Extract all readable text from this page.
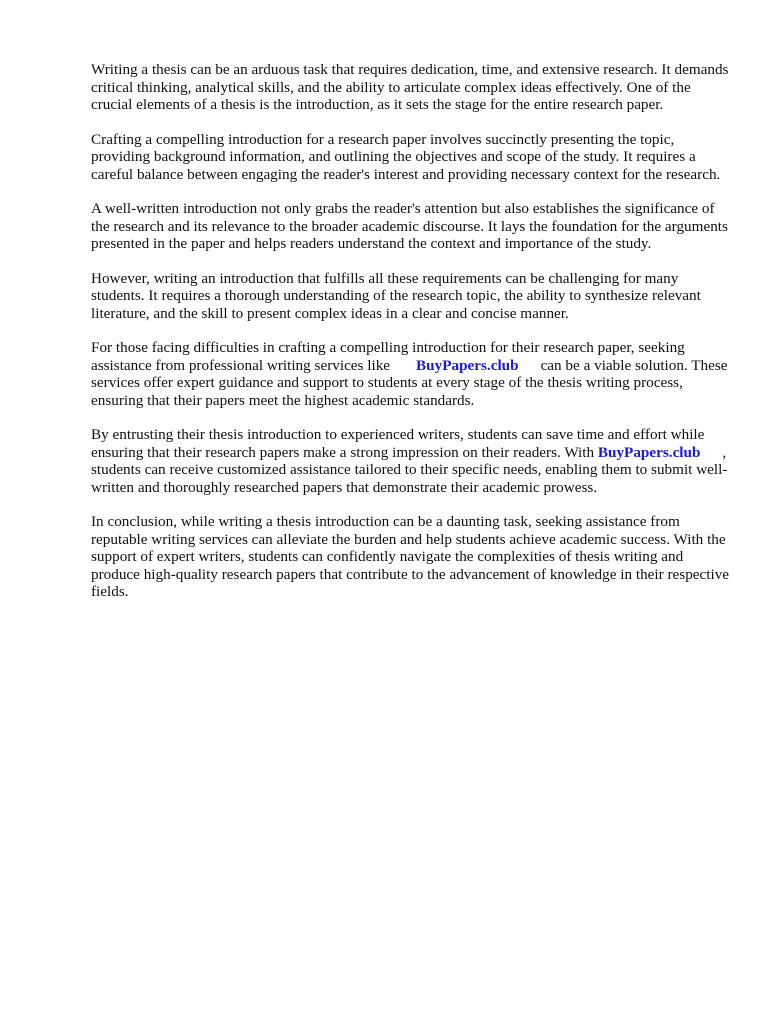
Writing a thesis can be an arduous task that requires dedication, time, and extensive research. It demands critical thinking, analytical skills, and the ability to articulate complex ideas effectively. One of the crucial elements of a thesis is the introduction, as it sets the stage for the entire research paper.

Crafting a compelling introduction for a research paper involves succinctly presenting the topic, providing background information, and outlining the objectives and scope of the study. It requires a careful balance between engaging the reader's interest and providing necessary context for the research.

A well-written introduction not only grabs the reader's attention but also establishes the significance of the research and its relevance to the broader academic discourse. It lays the foundation for the arguments presented in the paper and helps readers understand the context and importance of the study.

However, writing an introduction that fulfills all these requirements can be challenging for many students. It requires a thorough understanding of the research topic, the ability to synthesize relevant literature, and the skill to present complex ideas in a clear and concise manner.

For those facing difficulties in crafting a compelling introduction for their research paper, seeking assistance from professional writing services like BuyPapers.club can be a viable solution. These services offer expert guidance and support to students at every stage of the thesis writing process, ensuring that their papers meet the highest academic standards.

By entrusting their thesis introduction to experienced writers, students can save time and effort while ensuring that their research papers make a strong impression on their readers. With BuyPapers.club , students can receive customized assistance tailored to their specific needs, enabling them to submit well-written and thoroughly researched papers that demonstrate their academic prowess.

In conclusion, while writing a thesis introduction can be a daunting task, seeking assistance from reputable writing services can alleviate the burden and help students achieve academic success. With the support of expert writers, students can confidently navigate the complexities of thesis writing and produce high-quality research papers that contribute to the advancement of knowledge in their respective fields.
